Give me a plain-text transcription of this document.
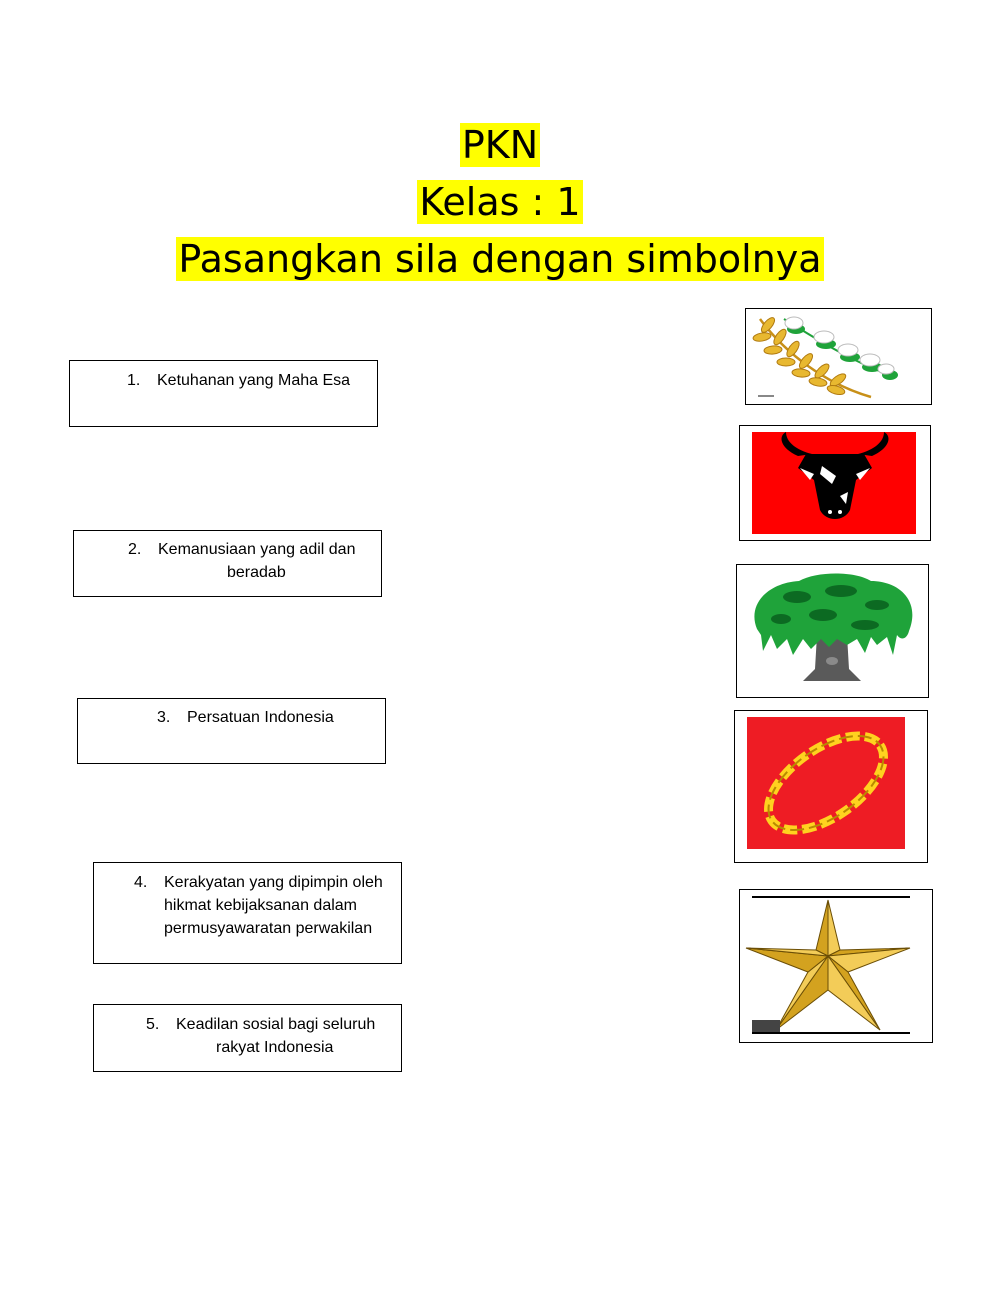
PKN
Kelas : 1
Pasangkan sila dengan simbolnya
1. Ketuhanan yang Maha Esa
2. Kemanusiaan yang adil dan
beradab
3. Persatuan Indonesia
4. Kerakyatan yang dipimpin oleh
hikmat kebijaksanan dalam
permusyawaratan perwakilan
5. Keadilan sosial bagi seluruh
rakyat Indonesia
